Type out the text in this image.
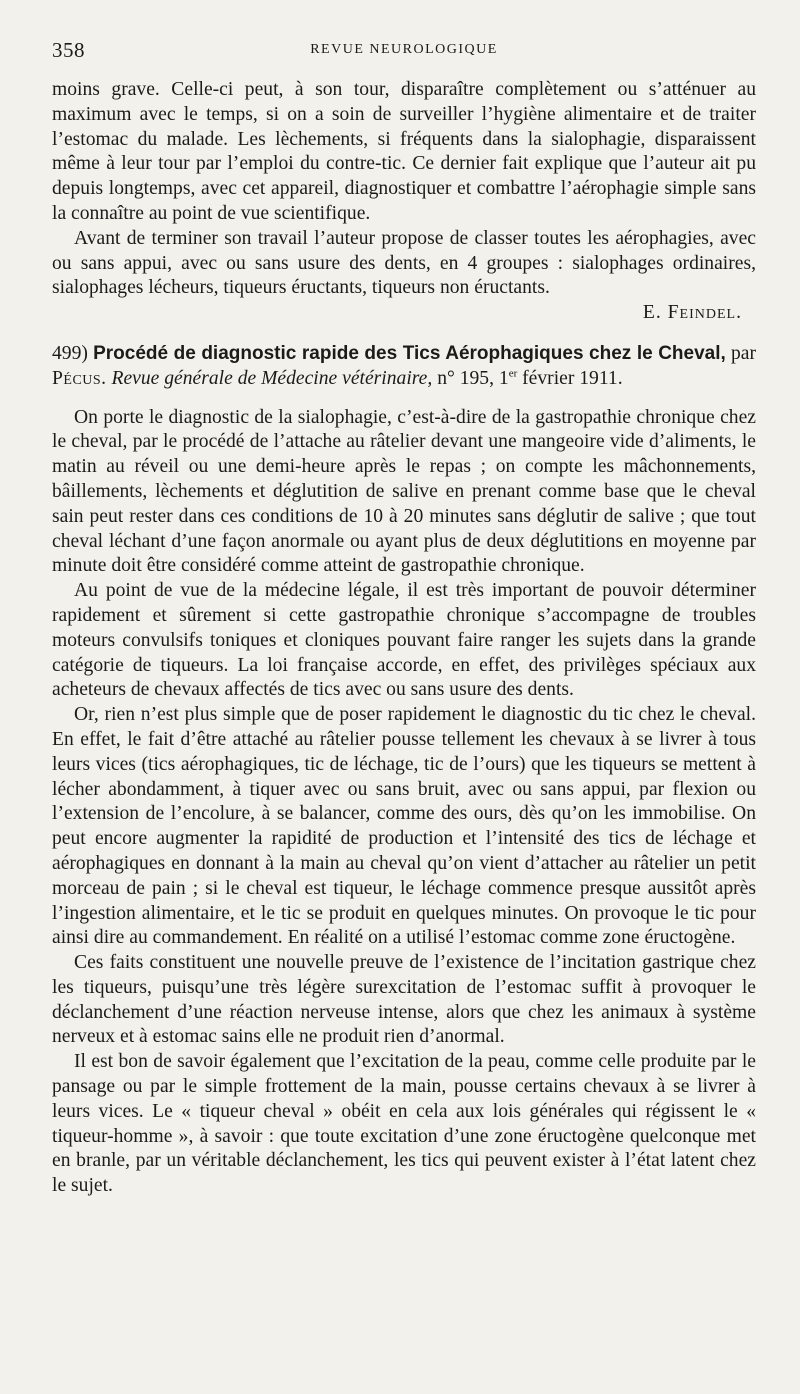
358	REVUE NEUROLOGIQUE

moins grave. Celle-ci peut, à son tour, disparaître complètement ou s’atténuer au maximum avec le temps, si on a soin de surveiller l’hygiène alimentaire et de traiter l’estomac du malade. Les lèchements, si fréquents dans la sialophagie, disparaissent même à leur tour par l’emploi du contre-tic. Ce dernier fait explique que l’auteur ait pu depuis longtemps, avec cet appareil, diagnostiquer et combattre l’aérophagie simple sans la connaître au point de vue scientifique.

Avant de terminer son travail l’auteur propose de classer toutes les aérophagies, avec ou sans appui, avec ou sans usure des dents, en 4 groupes : sialophages ordinaires, sialophages lécheurs, tiqueurs éructants, tiqueurs non éructants.

E. Feindel.
499) Procédé de diagnostic rapide des Tics Aérophagiques chez le Cheval, par Pécus. Revue générale de Médecine vétérinaire, n° 195, 1er février 1911.

On porte le diagnostic de la sialophagie, c’est-à-dire de la gastropathie chronique chez le cheval, par le procédé de l’attache au râtelier devant une mangeoire vide d’aliments, le matin au réveil ou une demi-heure après le repas ; on compte les mâchonnements, bâillements, lèchements et déglutition de salive en prenant comme base que le cheval sain peut rester dans ces conditions de 10 à 20 minutes sans déglutir de salive ; que tout cheval léchant d’une façon anormale ou ayant plus de deux déglutitions en moyenne par minute doit être considéré comme atteint de gastropathie chronique.

Au point de vue de la médecine légale, il est très important de pouvoir déterminer rapidement et sûrement si cette gastropathie chronique s’accompagne de troubles moteurs convulsifs toniques et cloniques pouvant faire ranger les sujets dans la grande catégorie de tiqueurs. La loi française accorde, en effet, des privilèges spéciaux aux acheteurs de chevaux affectés de tics avec ou sans usure des dents.

Or, rien n’est plus simple que de poser rapidement le diagnostic du tic chez le cheval. En effet, le fait d’être attaché au râtelier pousse tellement les chevaux à se livrer à tous leurs vices (tics aérophagiques, tic de léchage, tic de l’ours) que les tiqueurs se mettent à lécher abondamment, à tiquer avec ou sans bruit, avec ou sans appui, par flexion ou l’extension de l’encolure, à se balancer, comme des ours, dès qu’on les immobilise. On peut encore augmenter la rapidité de production et l’intensité des tics de léchage et aérophagiques en donnant à la main au cheval qu’on vient d’attacher au râtelier un petit morceau de pain ; si le cheval est tiqueur, le léchage commence presque aussitôt après l’ingestion alimentaire, et le tic se produit en quelques minutes. On provoque le tic pour ainsi dire au commandement. En réalité on a utilisé l’estomac comme zone éructogène.

Ces faits constituent une nouvelle preuve de l’existence de l’incitation gastrique chez les tiqueurs, puisqu’une très légère surexcitation de l’estomac suffit à provoquer le déclanchement d’une réaction nerveuse intense, alors que chez les animaux à système nerveux et à estomac sains elle ne produit rien d’anormal.

Il est bon de savoir également que l’excitation de la peau, comme celle produite par le pansage ou par le simple frottement de la main, pousse certains chevaux à se livrer à leurs vices. Le « tiqueur cheval » obéit en cela aux lois générales qui régissent le « tiqueur-homme », à savoir : que toute excitation d’une zone éructogène quelconque met en branle, par un véritable déclanchement, les tics qui peuvent exister à l’état latent chez le sujet.
